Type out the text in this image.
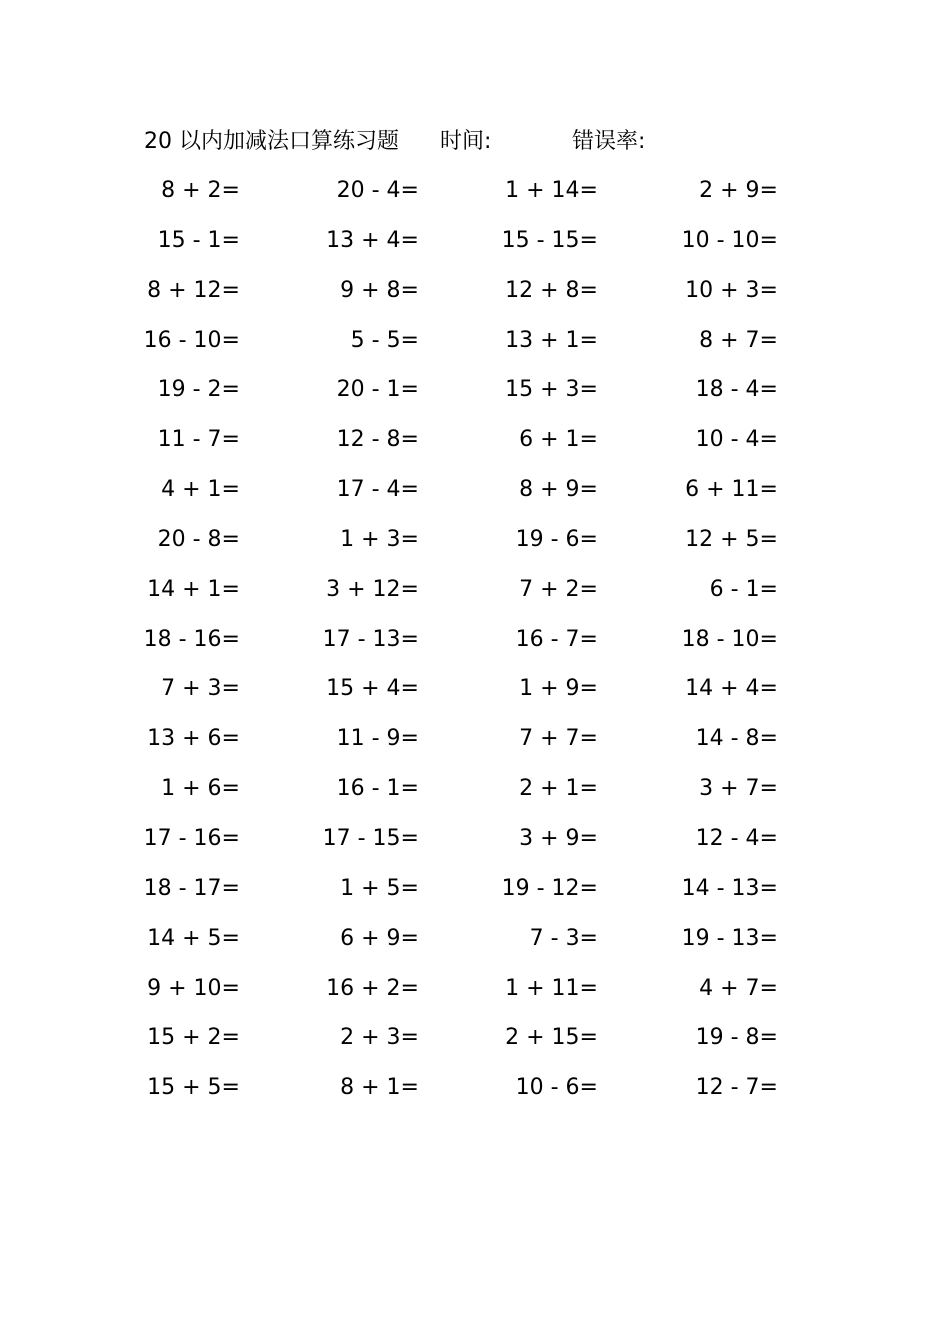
20 以内加减法口算练习题 时间:	错误率:
8 + 2=	20 - 4=	1 + 14=	2 + 9=
15 - 1=	13 + 4=	15 - 15=	10 - 10=
8 + 12=	9 + 8=	12 + 8=	10 + 3=
16 - 10=	5 - 5=	13 + 1=	8 + 7=
19 - 2=	20 - 1=	15 + 3=	18 - 4=
11 - 7=	12 - 8=	6 + 1=	10 - 4=
4 + 1=	17 - 4=	8 + 9=	6 + 11=
20 - 8=	1 + 3=	19 - 6=	12 + 5=
14 + 1=	3 + 12=	7 + 2=	6 - 1=
18 - 16=	17 - 13=	16 - 7=	18 - 10=
7 + 3=	15 + 4=	1 + 9=	14 + 4=
13 + 6=	11 - 9=	7 + 7=	14 - 8=
1 + 6=	16 - 1=	2 + 1=	3 + 7=
17 - 16=	17 - 15=	3 + 9=	12 - 4=
18 - 17=	1 + 5=	19 - 12=	14 - 13=
14 + 5=	6 + 9=	7 - 3=	19 - 13=
9 + 10=	16 + 2=	1 + 11=	4 + 7=
15 + 2=	2 + 3=	2 + 15=	19 - 8=
15 + 5=	8 + 1=	10 - 6=	12 - 7=
